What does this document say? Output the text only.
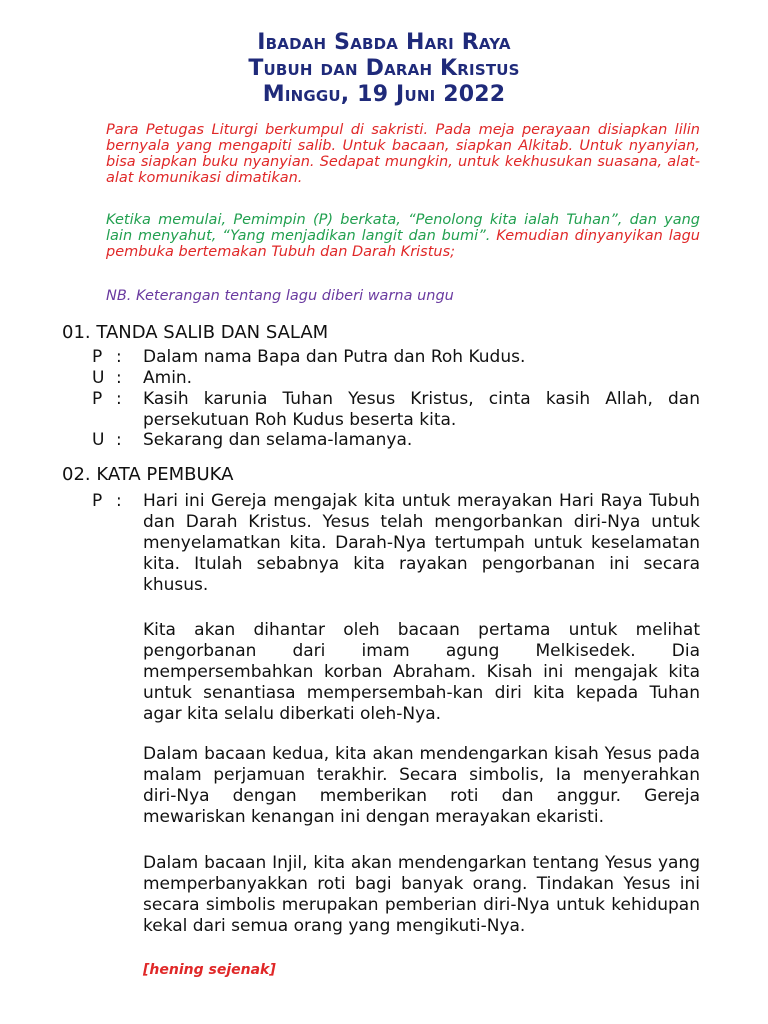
Ibadah Sabda Hari Raya
Tubuh dan Darah Kristus
Minggu, 19 Juni 2022

Para Petugas Liturgi berkumpul di sakristi. Pada meja perayaan disiapkan lilin bernyala yang mengapiti salib. Untuk bacaan, siapkan Alkitab. Untuk nyanyian, bisa siapkan buku nyanyian. Sedapat mungkin, untuk kekhusukan suasana, alat-alat komunikasi dimatikan.

Ketika memulai, Pemimpin (P) berkata, “Penolong kita ialah Tuhan”, dan yang lain menyahut, “Yang menjadikan langit dan bumi”. Kemudian dinyanyikan lagu pembuka bertemakan Tubuh dan Darah Kristus;

NB. Keterangan tentang lagu diberi warna ungu

01. TANDA SALIB DAN SALAM
P : Dalam nama Bapa dan Putra dan Roh Kudus.
U : Amin.
P : Kasih karunia Tuhan Yesus Kristus, cinta kasih Allah, dan persekutuan Roh Kudus beserta kita.
U : Sekarang dan selama-lamanya.
02. KATA PEMBUKA
P : Hari ini Gereja mengajak kita untuk merayakan Hari Raya Tubuh dan Darah Kristus. Yesus telah mengorbankan diri-Nya untuk menyelamatkan kita. Darah-Nya tertumpah untuk keselamatan kita. Itulah sebabnya kita rayakan pengorbanan ini secara khusus.
Kita akan dihantar oleh bacaan pertama untuk melihat pengorbanan dari imam agung Melkisedek. Dia mempersembahkan korban Abraham. Kisah ini mengajak kita untuk senantiasa mempersembah-kan diri kita kepada Tuhan agar kita selalu diberkati oleh-Nya.
Dalam bacaan kedua, kita akan mendengarkan kisah Yesus pada malam perjamuan terakhir. Secara simbolis, Ia menyerahkan diri-Nya dengan memberikan roti dan anggur. Gereja mewariskan kenangan ini dengan merayakan ekaristi.
Dalam bacaan Injil, kita akan mendengarkan tentang Yesus yang memperbanyakkan roti bagi banyak orang. Tindakan Yesus ini secara simbolis merupakan pemberian diri-Nya untuk kehidupan kekal dari semua orang yang mengikuti-Nya.
[hening sejenak]
